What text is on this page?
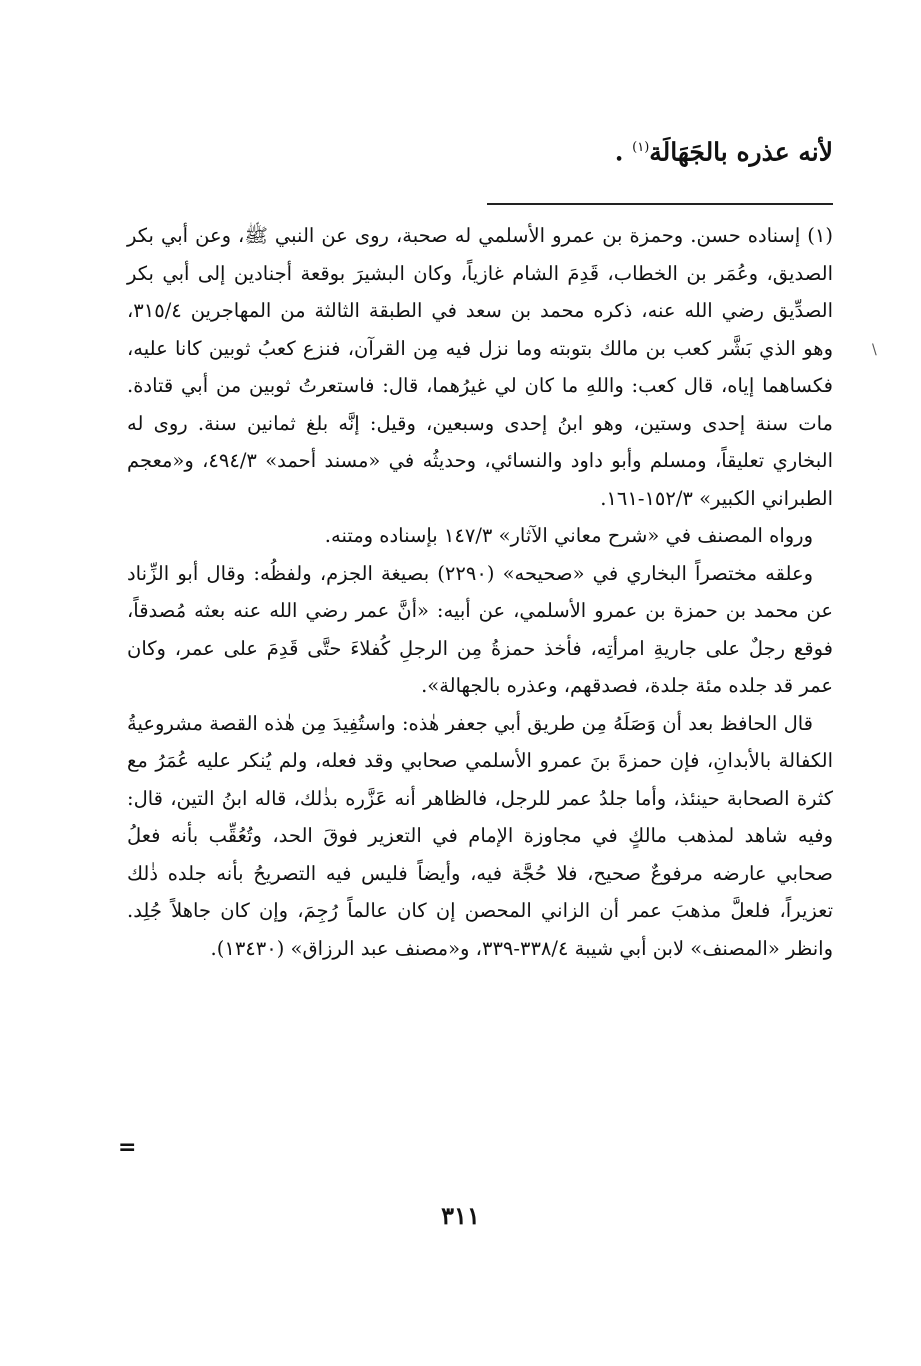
لأنه عذره بالجَهَالَة$^{(١)}$ .

(١) إسناده حسن. وحمزة بن عمرو الأسلمي له صحبة، روى عن النبي ﷺ، وعن أبي بكر الصديق، وعُمَر بن الخطاب، قَدِمَ الشام غازياً، وكان البشيرَ بوقعة أجنادين إلى أبي بكر الصدِّيق رضي الله عنه، ذكره محمد بن سعد في الطبقة الثالثة من المهاجرين ٣١٥/٤، وهو الذي بَشَّر كعب بن مالك بتوبته وما نزل فيه مِن القرآن، فنزع كعبُ ثوبين كانا عليه، فكساهما إياه، قال كعب: واللهِ ما كان لي غيرُهما، قال: فاستعرتُ ثوبين من أبي قتادة. مات سنة إحدى وستين، وهو ابنُ إحدى وسبعين، وقيل: إنَّه بلغ ثمانين سنة. روى له البخاري تعليقاً، ومسلم وأبو داود والنسائي، وحديثُه في «مسند أحمد» ٤٩٤/٣، و«معجم الطبراني الكبير» ١٥٢/٣-١٦١.

ورواه المصنف في «شرح معاني الآثار» ١٤٧/٣ بإسناده ومتنه.

وعلقه مختصراً البخاري في «صحيحه» (٢٢٩٠) بصيغة الجزم، ولفظُه: وقال أبو الزِّناد عن محمد بن حمزة بن عمرو الأسلمي، عن أبيه: «أنَّ عمر رضي الله عنه بعثه مُصدقاً، فوقع رجلٌ على جاريةِ امرأتِه، فأخذ حمزةُ مِن الرجلِ كُفلاءَ حتَّى قَدِمَ على عمر، وكان عمر قد جلده مئة جلدة، فصدقهم، وعذره بالجهالة».

قال الحافظ بعد أن وَصَلَهُ مِن طريق أبي جعفر هٰذه: واستُفِيدَ مِن هٰذه القصة مشروعيةُ الكفالة بالأبدانِ، فإن حمزةَ بنَ عمرو الأسلمي صحابي وقد فعله، ولم يُنكر عليه عُمَرُ مع كثرة الصحابة حينئذ، وأما جلدُ عمر للرجل، فالظاهر أنه عَزَّره بذٰلك، قاله ابنُ التين، قال: وفيه شاهد لمذهب مالكٍ في مجاوزة الإمام في التعزير فوقَ الحد، وتُعُقِّب بأنه فعلُ صحابي عارضه مرفوعٌ صحيح، فلا حُجَّة فيه، وأيضاً فليس فيه التصريحُ بأنه جلده ذٰلك تعزيراً، فلعلَّ مذهبَ عمر أن الزاني المحصن إن كان عالماً رُجِمَ، وإن كان جاهلاً جُلِد. وانظر «المصنف» لابن أبي شيبة ٣٣٨/٤-٣٣٩، و«مصنف عبد الرزاق» (١٣٤٣٠).

=
\
٣١١
